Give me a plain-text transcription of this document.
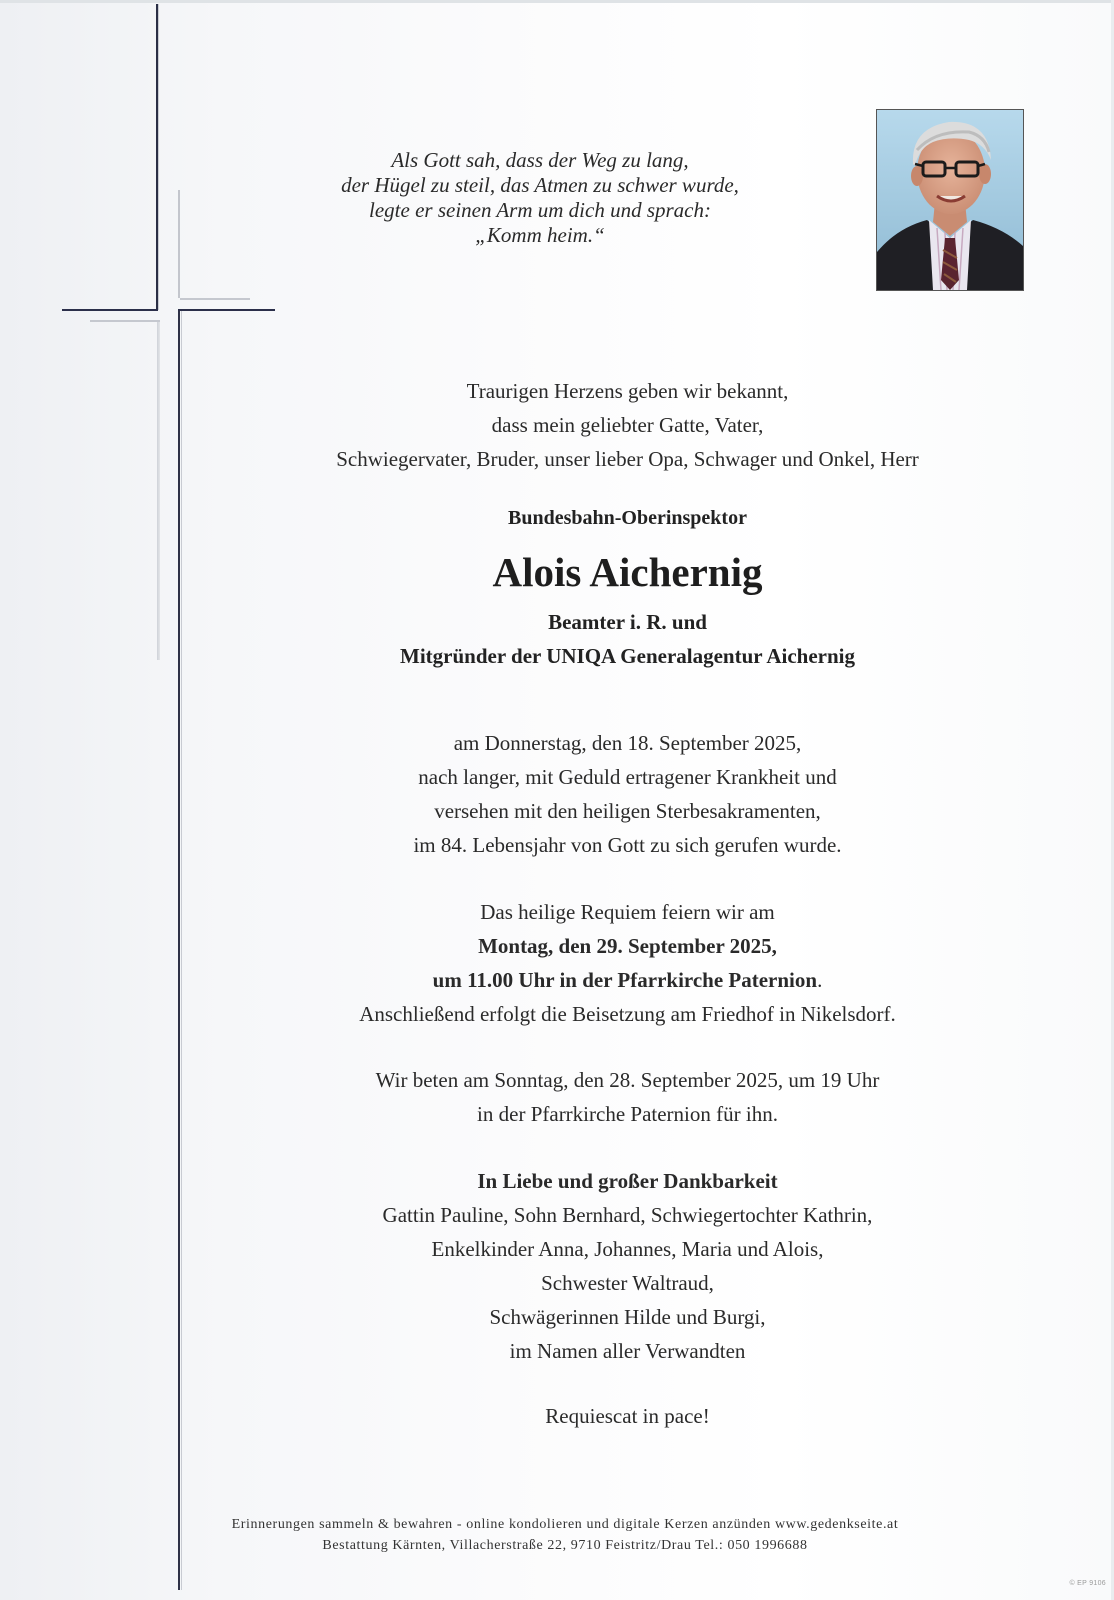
Als Gott sah, dass der Weg zu lang,
der Hügel zu steil, das Atmen zu schwer wurde,
legte er seinen Arm um dich und sprach:
„Komm heim.“
Traurigen Herzens geben wir bekannt,
dass mein geliebter Gatte, Vater,
Schwiegervater, Bruder, unser lieber Opa, Schwager und Onkel, Herr
Bundesbahn-Oberinspektor
Alois Aichernig
Beamter i. R. und
Mitgründer der UNIQA Generalagentur Aichernig
am Donnerstag, den 18. September 2025,
nach langer, mit Geduld ertragener Krankheit und
versehen mit den heiligen Sterbesakramenten,
im 84. Lebensjahr von Gott zu sich gerufen wurde.
Das heilige Requiem feiern wir am
Montag, den 29. September 2025,
um 11.00 Uhr in der Pfarrkirche Paternion.
Anschließend erfolgt die Beisetzung am Friedhof in Nikelsdorf.
Wir beten am Sonntag, den 28. September 2025, um 19 Uhr
in der Pfarrkirche Paternion für ihn.
In Liebe und großer Dankbarkeit
Gattin Pauline, Sohn Bernhard, Schwiegertochter Kathrin,
Enkelkinder Anna, Johannes, Maria und Alois,
Schwester Waltraud,
Schwägerinnen Hilde und Burgi,
im Namen aller Verwandten
Requiescat in pace!
Erinnerungen sammeln & bewahren - online kondolieren und digitale Kerzen anzünden www.gedenkseite.at
Bestattung Kärnten, Villacherstraße 22, 9710 Feistritz/Drau Tel.: 050 1996688
© EP 9106
